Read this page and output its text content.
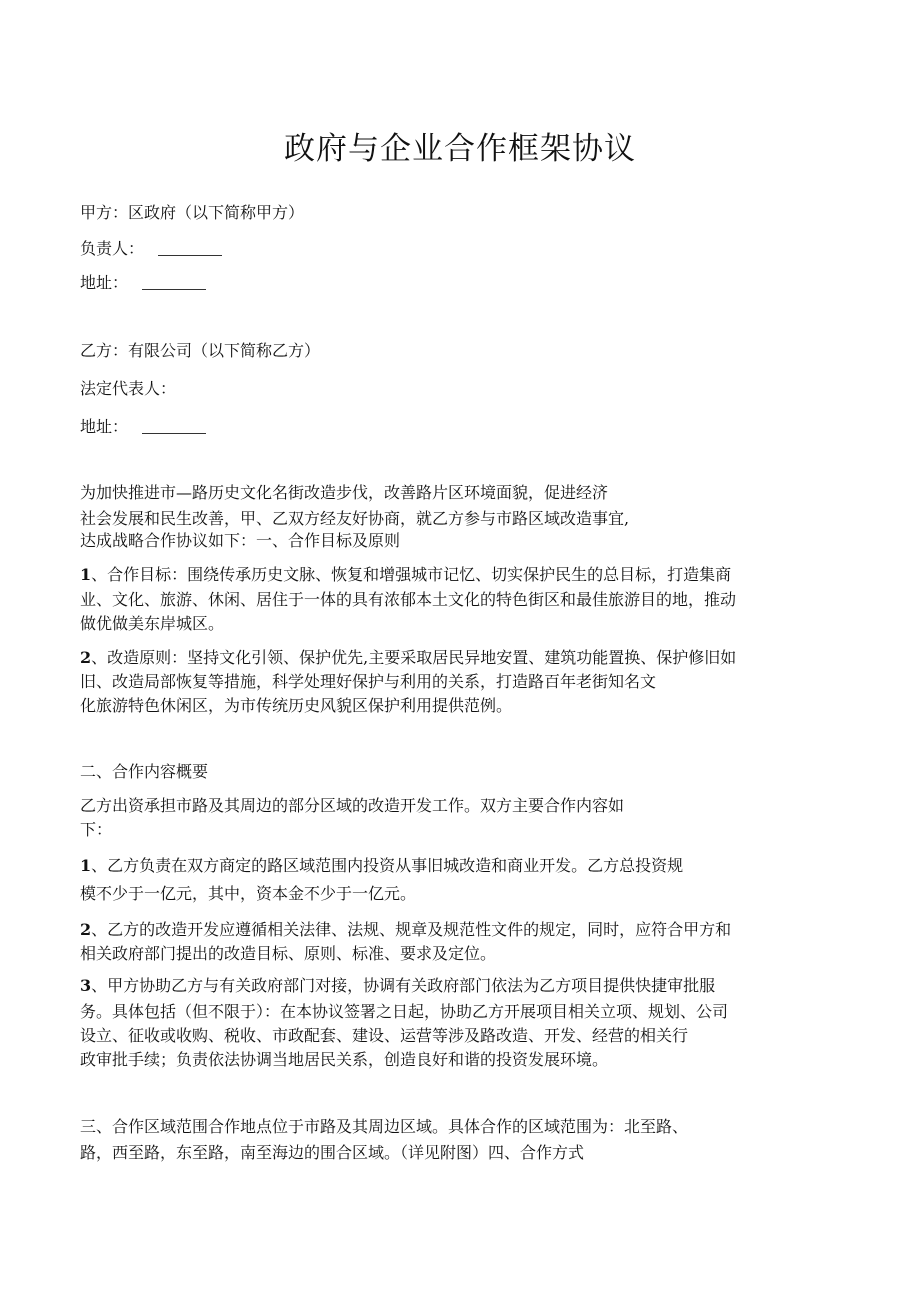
政府与企业合作框架协议
甲方：区政府（以下简称甲方）
负责人：
地址：
乙方：有限公司（以下简称乙方）
法定代表人：
地址：
为加快推进市—路历史文化名街改造步伐，改善路片区环境面貌，促进经济
社会发展和民生改善，甲、乙双方经友好协商，就乙方参与市路区域改造事宜,
达成战略合作协议如下：一、合作目标及原则
1、合作目标：围绕传承历史文脉、恢复和增强城市记忆、切实保护民生的总目标，打造集商
业、文化、旅游、休闲、居住于一体的具有浓郁本土文化的特色街区和最佳旅游目的地，推动
做优做美东岸城区。
2、改造原则：坚持文化引领、保护优先,主要采取居民异地安置、建筑功能置换、保护修旧如
旧、改造局部恢复等措施，科学处理好保护与利用的关系，打造路百年老街知名文
化旅游特色休闲区，为市传统历史风貌区保护利用提供范例。
二、合作内容概要
乙方出资承担市路及其周边的部分区域的改造开发工作。双方主要合作内容如
下：
1、乙方负责在双方商定的路区域范围内投资从事旧城改造和商业开发。乙方总投资规
模不少于一亿元，其中，资本金不少于一亿元。
2、乙方的改造开发应遵循相关法律、法规、规章及规范性文件的规定，同时，应符合甲方和
相关政府部门提出的改造目标、原则、标准、要求及定位。
3、甲方协助乙方与有关政府部门对接，协调有关政府部门依法为乙方项目提供快捷审批服
务。具体包括（但不限于）：在本协议签署之日起，协助乙方开展项目相关立项、规划、公司
设立、征收或收购、税收、市政配套、建设、运营等涉及路改造、开发、经营的相关行
政审批手续；负责依法协调当地居民关系，创造良好和谐的投资发展环境。
三、合作区域范围合作地点位于市路及其周边区域。具体合作的区域范围为：北至路、
路，西至路，东至路，南至海边的围合区域。（详见附图）四、合作方式
